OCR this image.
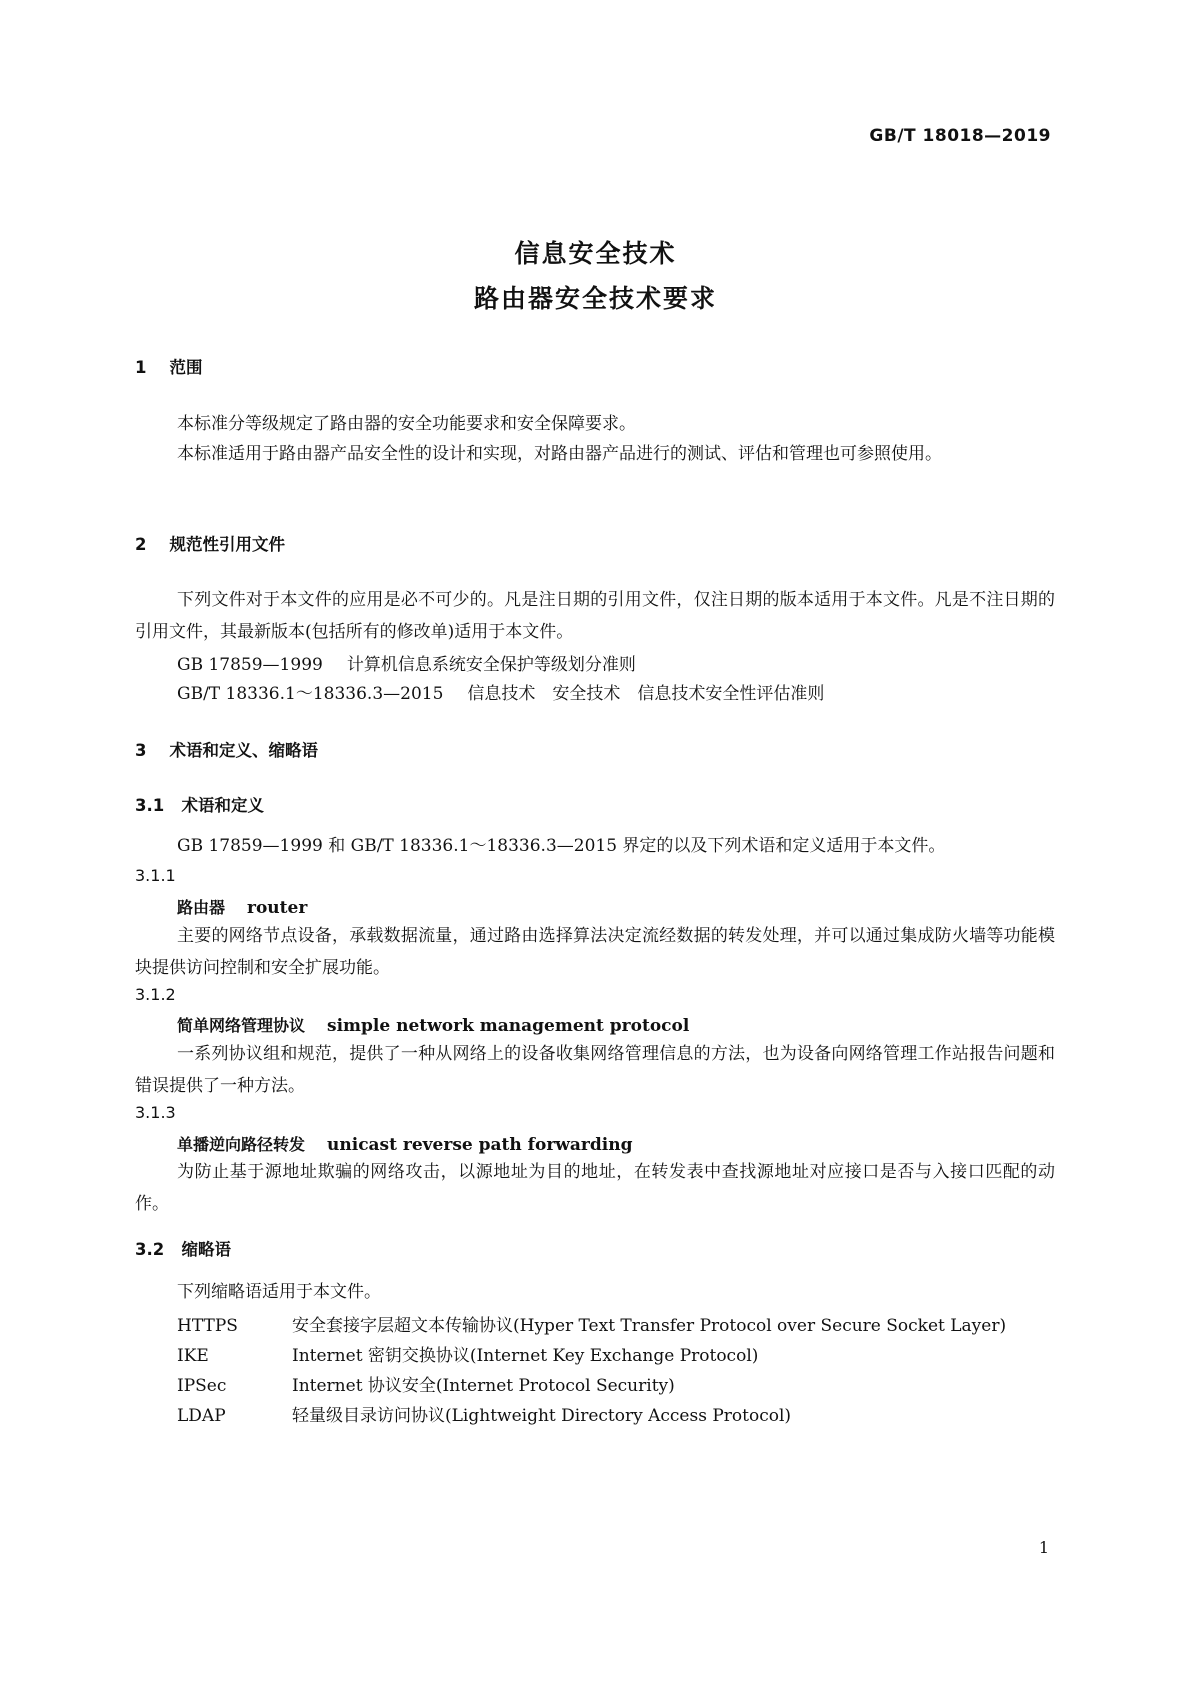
GB/T 18018—2019
信息安全技术
路由器安全技术要求
1 范围
本标准分等级规定了路由器的安全功能要求和安全保障要求。
本标准适用于路由器产品安全性的设计和实现，对路由器产品进行的测试、评估和管理也可参照使用。
2 规范性引用文件
下列文件对于本文件的应用是必不可少的。凡是注日期的引用文件，仅注日期的版本适用于本文件。凡是不注日期的引用文件，其最新版本(包括所有的修改单)适用于本文件。
GB 17859—1999 计算机信息系统安全保护等级划分准则
GB/T 18336.1～18336.3—2015 信息技术　安全技术　信息技术安全性评估准则
3 术语和定义、缩略语
3.1 术语和定义
GB 17859—1999 和 GB/T 18336.1～18336.3—2015 界定的以及下列术语和定义适用于本文件。
3.1.1
路由器 router
主要的网络节点设备，承载数据流量，通过路由选择算法决定流经数据的转发处理，并可以通过集成防火墙等功能模块提供访问控制和安全扩展功能。
3.1.2
简单网络管理协议 simple network management protocol
一系列协议组和规范，提供了一种从网络上的设备收集网络管理信息的方法，也为设备向网络管理工作站报告问题和错误提供了一种方法。
3.1.3
单播逆向路径转发 unicast reverse path forwarding
为防止基于源地址欺骗的网络攻击，以源地址为目的地址，在转发表中查找源地址对应接口是否与入接口匹配的动作。
3.2 缩略语
下列缩略语适用于本文件。
HTTPS	安全套接字层超文本传输协议(Hyper Text Transfer Protocol over Secure Socket Layer)
IKE	Internet 密钥交换协议(Internet Key Exchange Protocol)
IPSec	Internet 协议安全(Internet Protocol Security)
LDAP	轻量级目录访问协议(Lightweight Directory Access Protocol)
1
